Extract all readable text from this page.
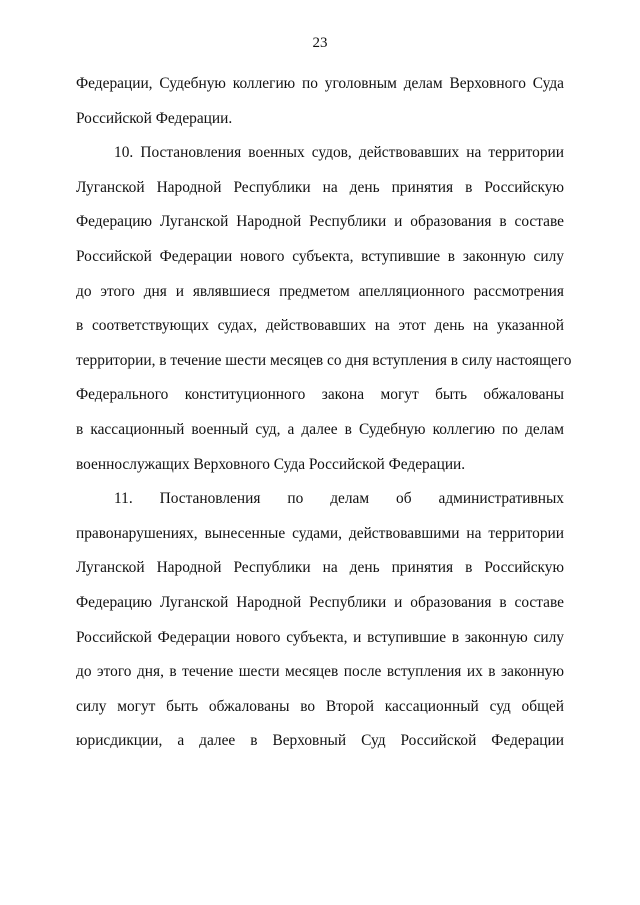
23
Федерации, Судебную коллегию по уголовным делам Верховного Суда
Российской Федерации.
10. Постановления военных судов, действовавших на территории
Луганской Народной Республики на день принятия в Российскую
Федерацию Луганской Народной Республики и образования в составе
Российской Федерации нового субъекта, вступившие в законную силу
до этого дня и являвшиеся предметом апелляционного рассмотрения
в соответствующих судах, действовавших на этот день на указанной
территории, в течение шести месяцев со дня вступления в силу настоящего
Федерального конституционного закона могут быть обжалованы
в кассационный военный суд, а далее в Судебную коллегию по делам
военнослужащих Верховного Суда Российской Федерации.
11. Постановления по делам об административных
правонарушениях, вынесенные судами, действовавшими на территории
Луганской Народной Республики на день принятия в Российскую
Федерацию Луганской Народной Республики и образования в составе
Российской Федерации нового субъекта, и вступившие в законную силу
до этого дня, в течение шести месяцев после вступления их в законную
силу могут быть обжалованы во Второй кассационный суд общей
юрисдикции, а далее в Верховный Суд Российской Федерации
